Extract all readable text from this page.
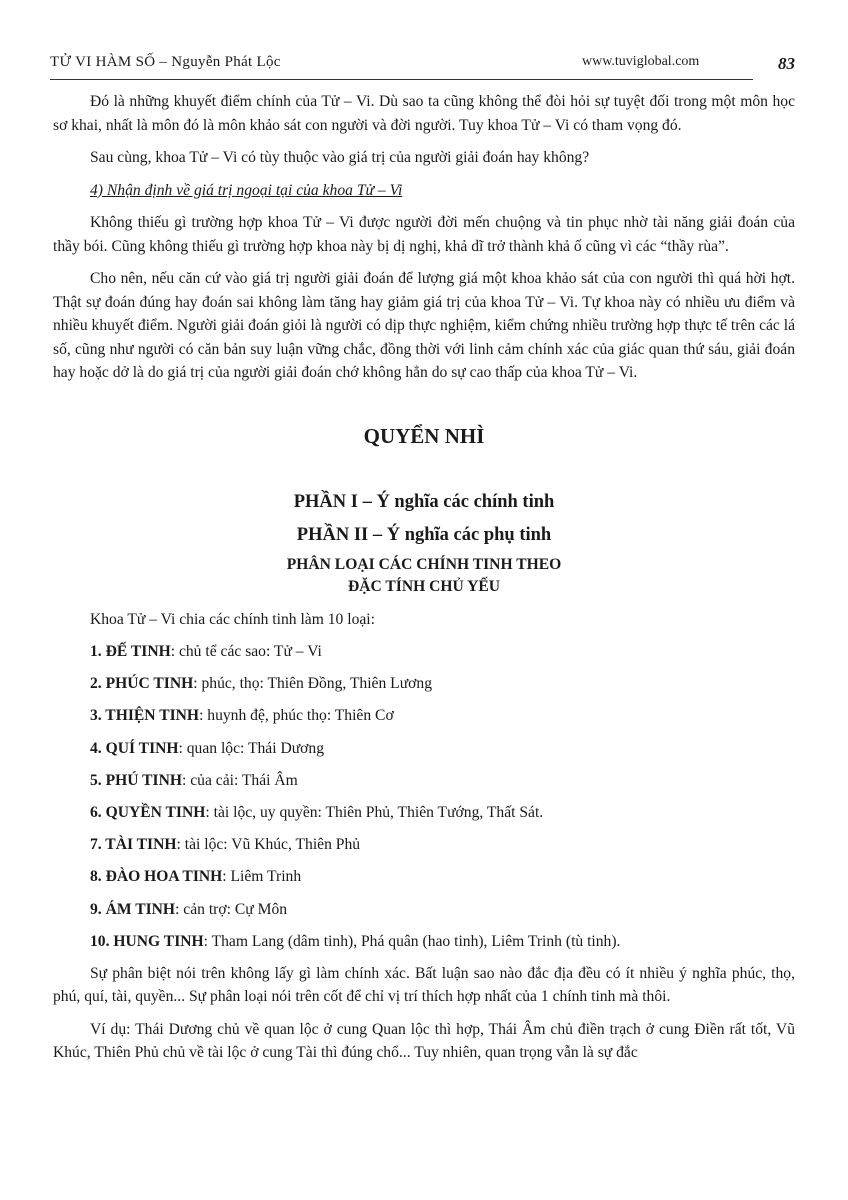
TỬ VI HÀM SỐ – Nguyễn Phát Lộc	www.tuviglobal.com	83

Đó là những khuyết điểm chính của Tử – Vi. Dù sao ta cũng không thể đòi hỏi sự tuyệt đối trong một môn học sơ khai, nhất là môn đó là môn khảo sát con người và đời người. Tuy khoa Tử – Vi có tham vọng đó.

Sau cùng, khoa Tử – Vi có tùy thuộc vào giá trị của người giải đoán hay không?

4) Nhận định về giá trị ngoại tại của khoa Tử – Vi

Không thiếu gì trường hợp khoa Tử – Vi được người đời mến chuộng và tin phục nhờ tài năng giải đoán của thầy bói. Cũng không thiếu gì trường hợp khoa này bị dị nghị, khả dĩ trở thành khả ố cũng vì các “thầy rùa”.

Cho nên, nếu căn cứ vào giá trị người giải đoán để lượng giá một khoa khảo sát của con người thì quá hời hợt. Thật sự đoán đúng hay đoán sai không làm tăng hay giảm giá trị của khoa Tử – Vi. Tự khoa này có nhiều ưu điểm và nhiều khuyết điểm. Người giải đoán giỏi là người có dịp thực nghiệm, kiểm chứng nhiều trường hợp thực tế trên các lá số, cũng như người có căn bản suy luận vững chắc, đồng thời với linh cảm chính xác của giác quan thứ sáu, giải đoán hay hoặc dở là do giá trị của người giải đoán chớ không hẳn do sự cao thấp của khoa Tử – Vi.

QUYỂN NHÌ
PHẦN I – Ý nghĩa các chính tinh
PHẦN II – Ý nghĩa các phụ tinh
PHÂN LOẠI CÁC CHÍNH TINH THEO
ĐẶC TÍNH CHỦ YẾU

Khoa Tử – Vi chia các chính tinh làm 10 loại:

1. ĐẾ TINH: chủ tể các sao: Tử – Vi
2. PHÚC TINH: phúc, thọ: Thiên Đồng, Thiên Lương
3. THIỆN TINH: huynh đệ, phúc thọ: Thiên Cơ
4. QUÍ TINH: quan lộc: Thái Dương
5. PHÚ TINH: của cải: Thái Âm
6. QUYỀN TINH: tài lộc, uy quyền: Thiên Phủ, Thiên Tướng, Thất Sát.
7. TÀI TINH: tài lộc: Vũ Khúc, Thiên Phủ
8. ĐÀO HOA TINH: Liêm Trinh
9. ÁM TINH: cản trợ: Cự Môn
10. HUNG TINH: Tham Lang (dâm tinh), Phá quân (hao tinh), Liêm Trinh (tù tinh).

Sự phân biệt nói trên không lấy gì làm chính xác. Bất luận sao nào đắc địa đều có ít nhiều ý nghĩa phúc, thọ, phú, quí, tài, quyền... Sự phân loại nói trên cốt để chỉ vị trí thích hợp nhất của 1 chính tinh mà thôi.

Ví dụ: Thái Dương chủ về quan lộc ở cung Quan lộc thì hợp, Thái Âm chủ điền trạch ở cung Điền rất tốt, Vũ Khúc, Thiên Phủ chủ về tài lộc ở cung Tài thì đúng chổ... Tuy nhiên, quan trọng vẫn là sự đắc
